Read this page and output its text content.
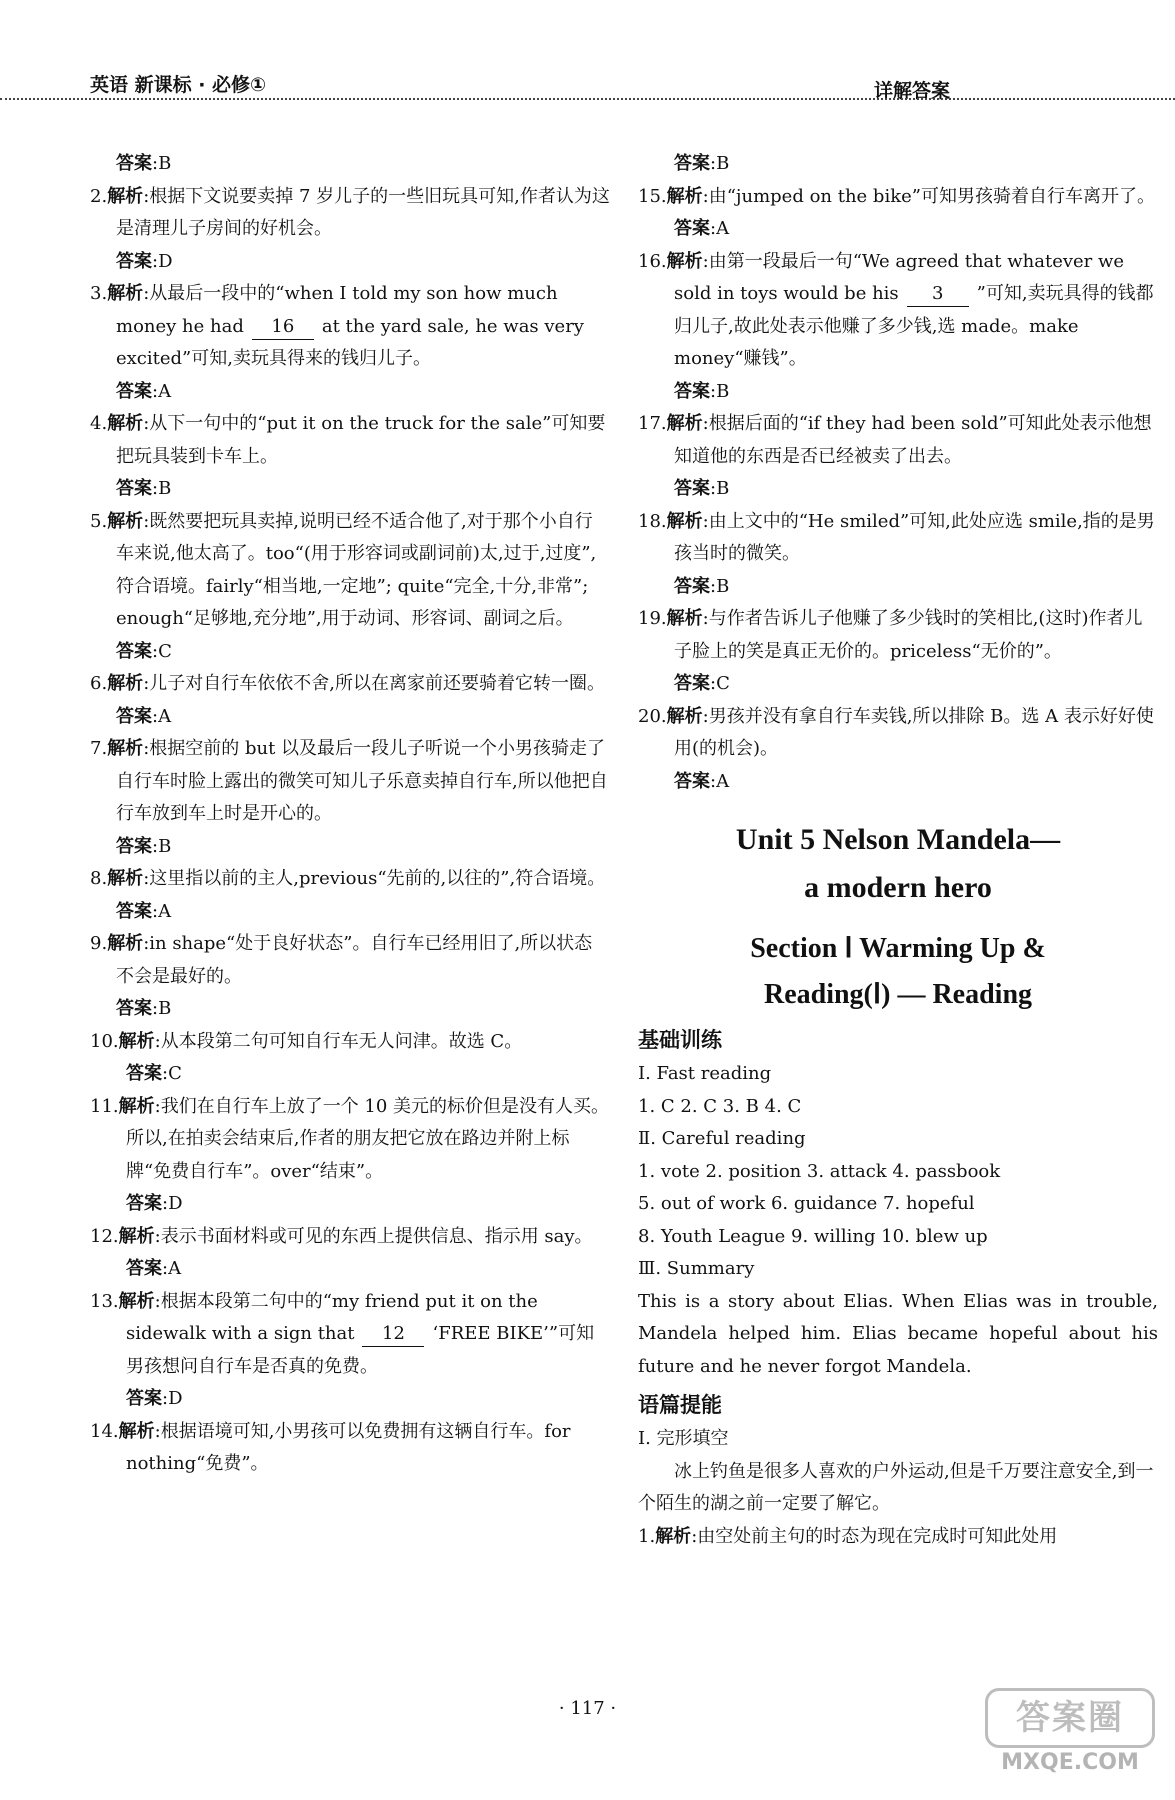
英语 新课标 · 必修①	详解答案
答案:B
2.解析:根据下文说要卖掉 7 岁儿子的一些旧玩具可知,作者认为这是清理儿子房间的好机会。
答案:D
3.解析:从最后一段中的“when I told my son how much money he had 16 at the yard sale, he was very excited”可知,卖玩具得来的钱归儿子。
答案:A
4.解析:从下一句中的“put it on the truck for the sale”可知要把玩具装到卡车上。
答案:B
5.解析:既然要把玩具卖掉,说明已经不适合他了,对于那个小自行车来说,他太高了。too“(用于形容词或副词前)太,过于,过度”,符合语境。fairly“相当地,一定地”; quite“完全,十分,非常”; enough“足够地,充分地”,用于动词、形容词、副词之后。
答案:C
6.解析:儿子对自行车依依不舍,所以在离家前还要骑着它转一圈。
答案:A
7.解析:根据空前的 but 以及最后一段儿子听说一个小男孩骑走了自行车时脸上露出的微笑可知儿子乐意卖掉自行车,所以他把自行车放到车上时是开心的。
答案:B
8.解析:这里指以前的主人,previous“先前的,以往的”,符合语境。
答案:A
9.解析:in shape“处于良好状态”。自行车已经用旧了,所以状态不会是最好的。
答案:B
10.解析:从本段第二句可知自行车无人问津。故选 C。
答案:C
11.解析:我们在自行车上放了一个 10 美元的标价但是没有人买。所以,在拍卖会结束后,作者的朋友把它放在路边并附上标牌“免费自行车”。over“结束”。
答案:D
12.解析:表示书面材料或可见的东西上提供信息、指示用 say。
答案:A
13.解析:根据本段第二句中的“my friend put it on the sidewalk with a sign that 12 ‘FREE BIKE’”可知男孩想问自行车是否真的免费。
答案:D
14.解析:根据语境可知,小男孩可以免费拥有这辆自行车。for nothing“免费”。
答案:B
15.解析:由“jumped on the bike”可知男孩骑着自行车离开了。
答案:A
16.解析:由第一段最后一句“We agreed that whatever we sold in toys would be his 3 ”可知,卖玩具得的钱都归儿子,故此处表示他赚了多少钱,选 made。make money“赚钱”。
答案:B
17.解析:根据后面的“if they had been sold”可知此处表示他想知道他的东西是否已经被卖了出去。
答案:B
18.解析:由上文中的“He smiled”可知,此处应选 smile,指的是男孩当时的微笑。
答案:B
19.解析:与作者告诉儿子他赚了多少钱时的笑相比,(这时)作者儿子脸上的笑是真正无价的。priceless“无价的”。
答案:C
20.解析:男孩并没有拿自行车卖钱,所以排除 B。选 A 表示好好使用(的机会)。
答案:A
Unit 5 Nelson Mandela—
a modern hero
Section Ⅰ Warming Up &
Reading(Ⅰ) — Reading
基础训练
Ⅰ. Fast reading
1. C 2. C 3. B 4. C
Ⅱ. Careful reading
1. vote 2. position 3. attack 4. passbook
5. out of work 6. guidance 7. hopeful
8. Youth League 9. willing 10. blew up
Ⅲ. Summary
This is a story about Elias. When Elias was in trouble, Mandela helped him. Elias became hopeful about his future and he never forgot Mandela.
语篇提能
Ⅰ. 完形填空
冰上钓鱼是很多人喜欢的户外运动,但是千万要注意安全,到一个陌生的湖之前一定要了解它。
1.解析:由空处前主句的时态为现在完成时可知此处用
· 117 ·	答案圈
MXQE.COM
